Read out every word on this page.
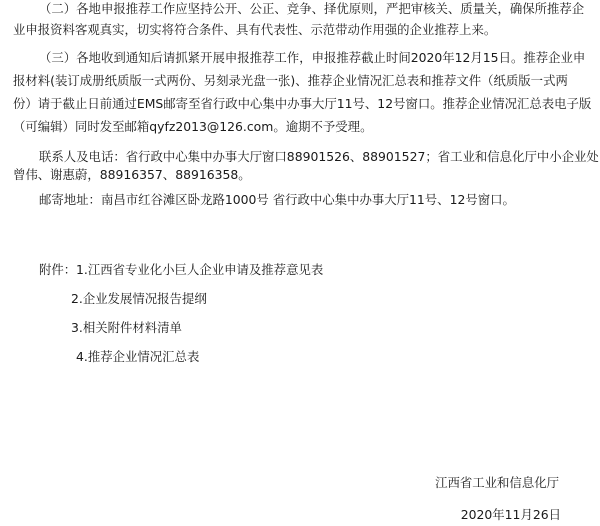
（二）各地申报推荐工作应坚持公开、公正、竞争、择优原则，严把审核关、质量关，确保所推荐企
业申报资料客观真实，切实将符合条件、具有代表性、示范带动作用强的企业推荐上来。
（三）各地收到通知后请抓紧开展申报推荐工作，申报推荐截止时间2020年12月15日。推荐企业申
报材料(装订成册纸质版一式两份、另刻录光盘一张)、推荐企业情况汇总表和推荐文件（纸质版一式两
份）请于截止日前通过EMS邮寄至省行政中心集中办事大厅11号、12号窗口。推荐企业情况汇总表电子版
（可编辑）同时发至邮箱qyfz2013@126.com。逾期不予受理。
联系人及电话：省行政中心集中办事大厅窗口88901526、88901527；省工业和信息化厅中小企业处
曾伟、谢惠蔚，88916357、88916358。
邮寄地址：南昌市红谷滩区卧龙路1000号 省行政中心集中办事大厅11号、12号窗口。
附件： 1.江西省专业化小巨人企业申请及推荐意见表
2.企业发展情况报告提纲
3.相关附件材料清单
4.推荐企业情况汇总表
江西省工业和信息化厅
2020年11月26日
